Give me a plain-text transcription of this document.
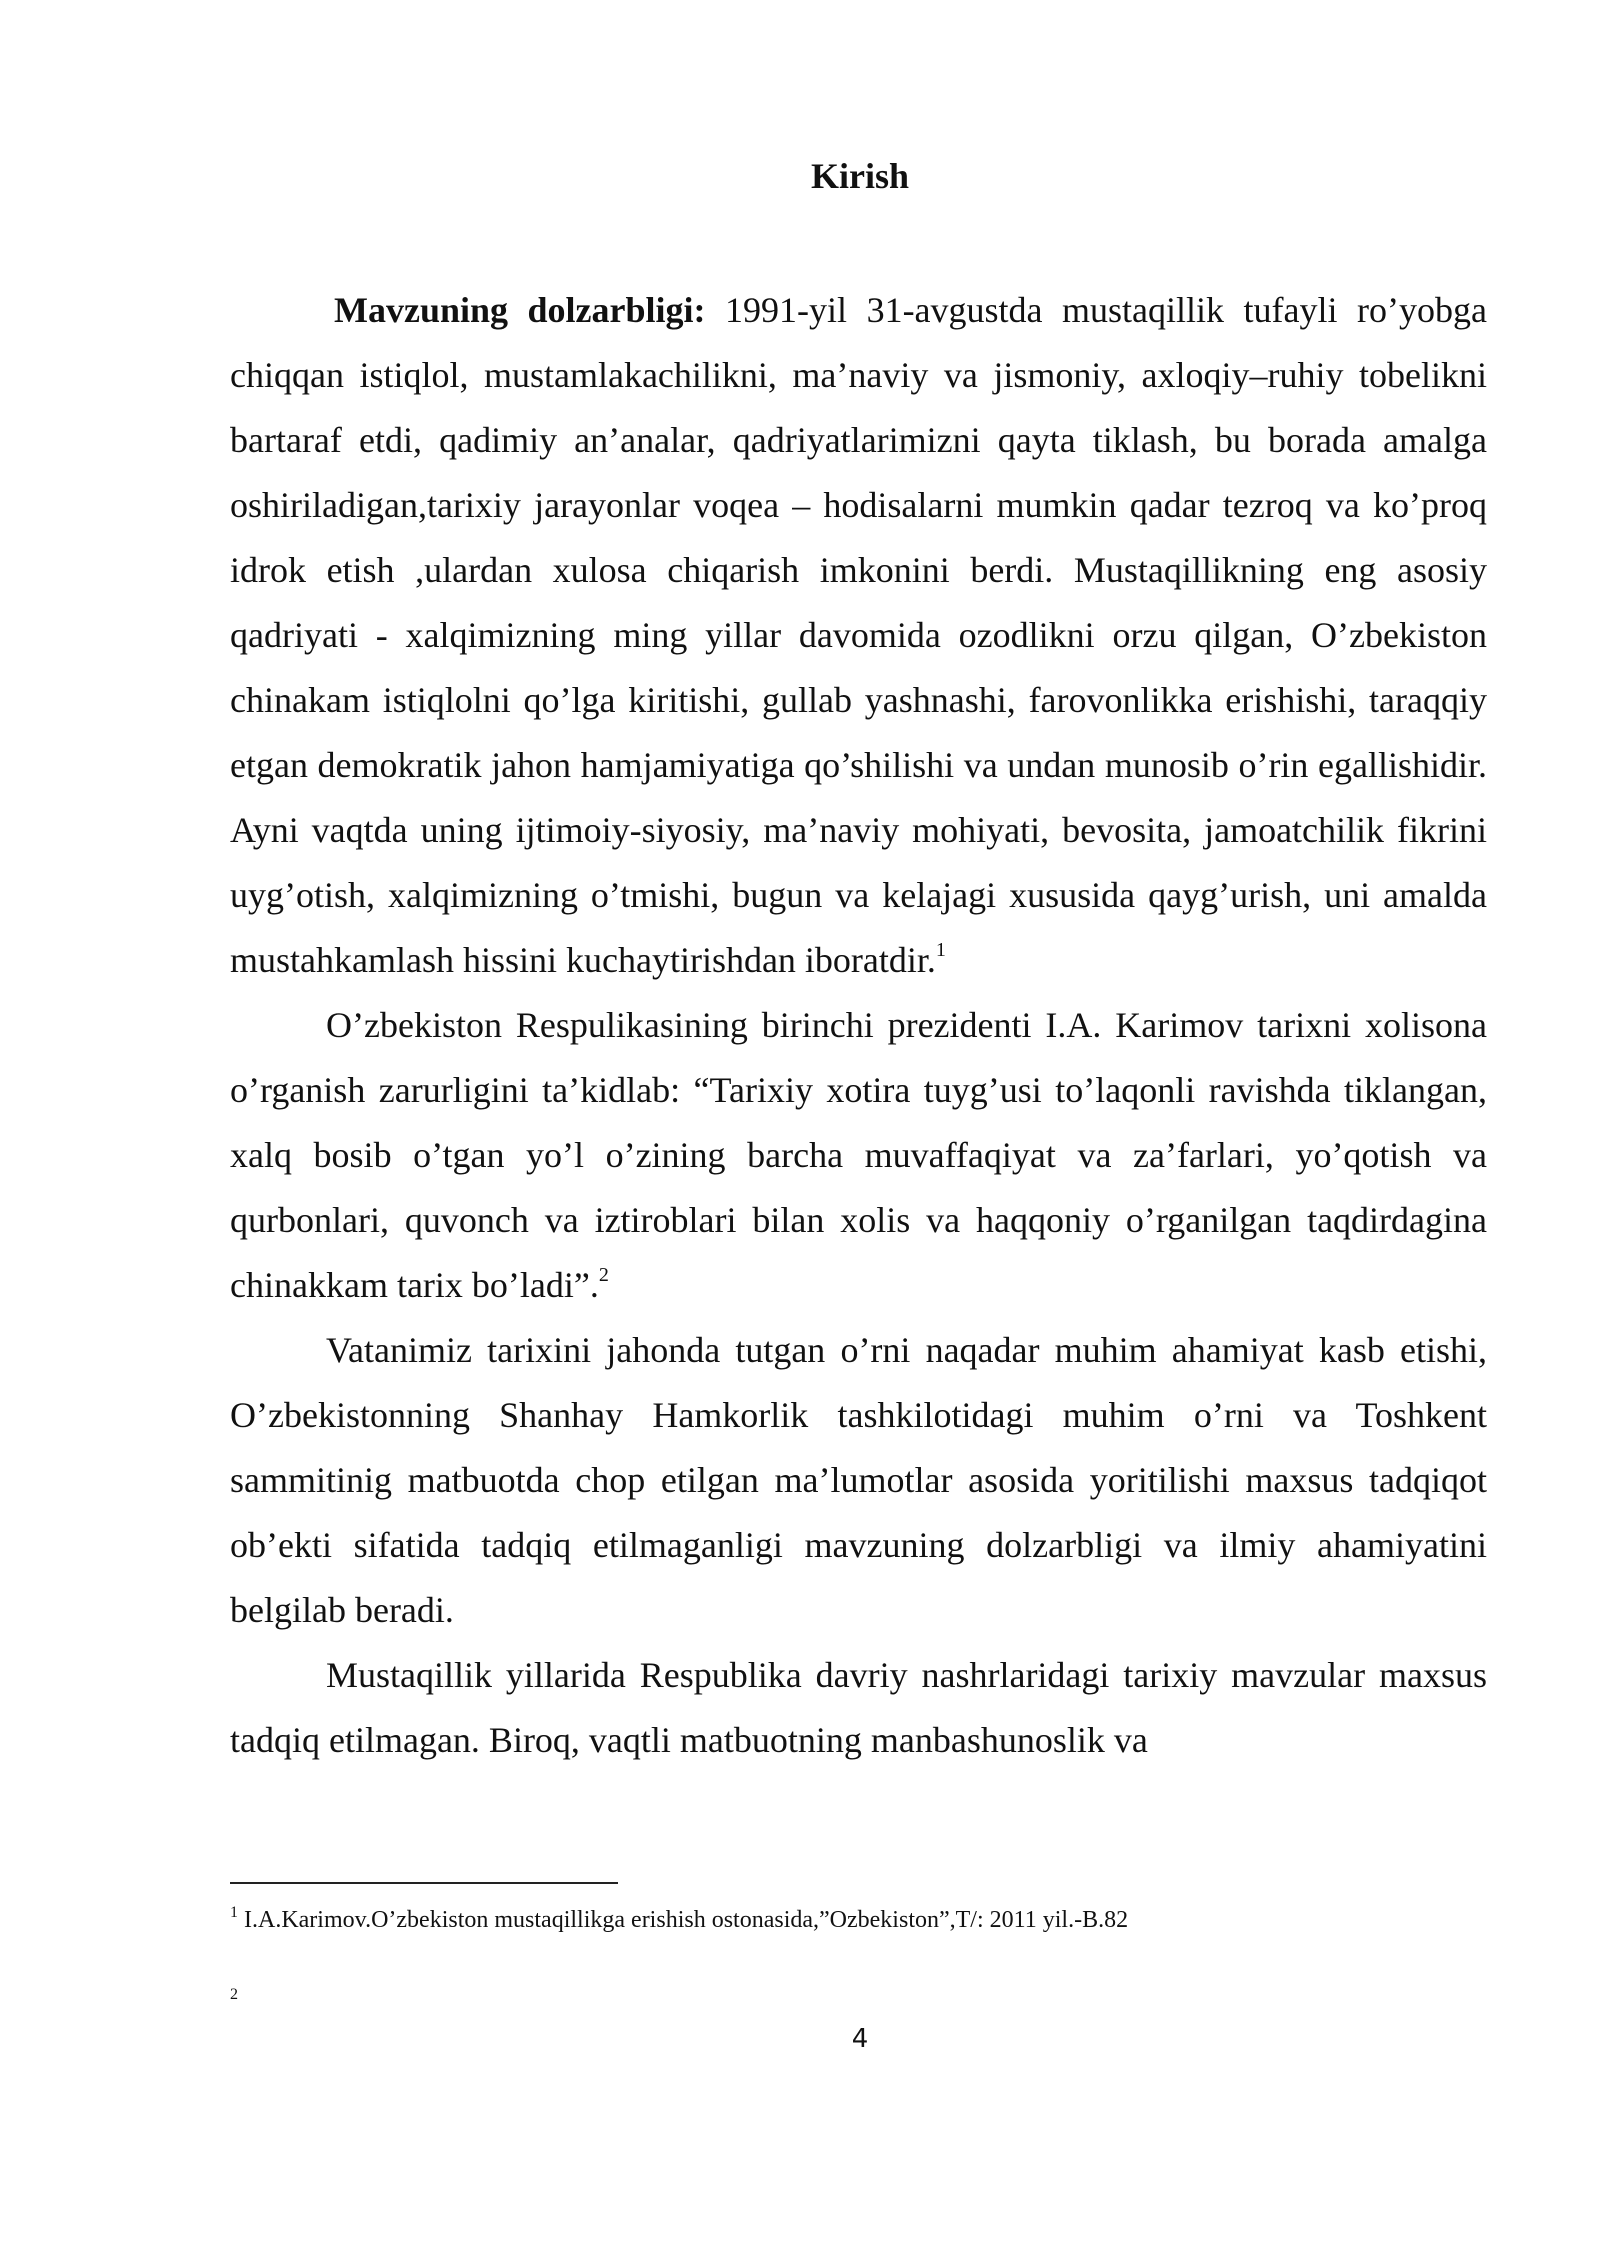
Kirish

Mavzuning dolzarbligi: 1991-yil 31-avgustda mustaqillik tufayli ro’yobga chiqqan istiqlol, mustamlakachilikni, ma’naviy va jismoniy, axloqiy–ruhiy tobelikni bartaraf etdi, qadimiy an’analar, qadriyatlarimizni qayta tiklash, bu borada amalga oshiriladigan,tarixiy jarayonlar voqea – hodisalarni mumkin qadar tezroq va ko’proq idrok etish ,ulardan xulosa chiqarish imkonini berdi. Mustaqillikning eng asosiy qadriyati - xalqimizning ming yillar davomida ozodlikni orzu qilgan, O’zbekiston chinakam istiqlolni qo’lga kiritishi, gullab yashnashi, farovonlikka erishishi, taraqqiy etgan demokratik jahon hamjamiyatiga qo’shilishi va undan munosib o’rin egallishidir. Ayni vaqtda uning ijtimoiy-siyosiy, ma’naviy mohiyati, bevosita, jamoatchilik fikrini uyg’otish, xalqimizning o’tmishi, bugun va kelajagi xususida qayg’urish, uni amalda mustahkamlash hissini kuchaytirishdan iboratdir.$^1$

O’zbekiston Respulikasining birinchi prezidenti I.A. Karimov tarixni xolisona o’rganish zarurligini ta’kidlab: “Tarixiy xotira tuyg’usi to’laqonli ravishda tiklangan, xalq bosib o’tgan yo’l o’zining barcha muvaffaqiyat va za’farlari, yo’qotish va qurbonlari, quvonch va iztiroblari bilan xolis va haqqoniy o’rganilgan taqdirdagina chinakkam tarix bo’ladi”.$^2$

Vatanimiz tarixini jahonda tutgan o’rni naqadar muhim ahamiyat kasb etishi, O’zbekistonning Shanhay Hamkorlik tashkilotidagi muhim o’rni va Toshkent sammitinig matbuotda chop etilgan ma’lumotlar asosida yoritilishi maxsus tadqiqot ob’ekti sifatida tadqiq etilmaganligi mavzuning dolzarbligi va ilmiy ahamiyatini belgilab beradi.

Mustaqillik yillarida Respublika davriy nashrlaridagi tarixiy mavzular maxsus tadqiq etilmagan. Biroq, vaqtli matbuotning manbashunoslik va

$^1$ I.A.Karimov.O’zbekiston mustaqillikga erishish ostonasida,”Ozbekiston”,T/: 2011 yil.-B.82
$^2$
4
